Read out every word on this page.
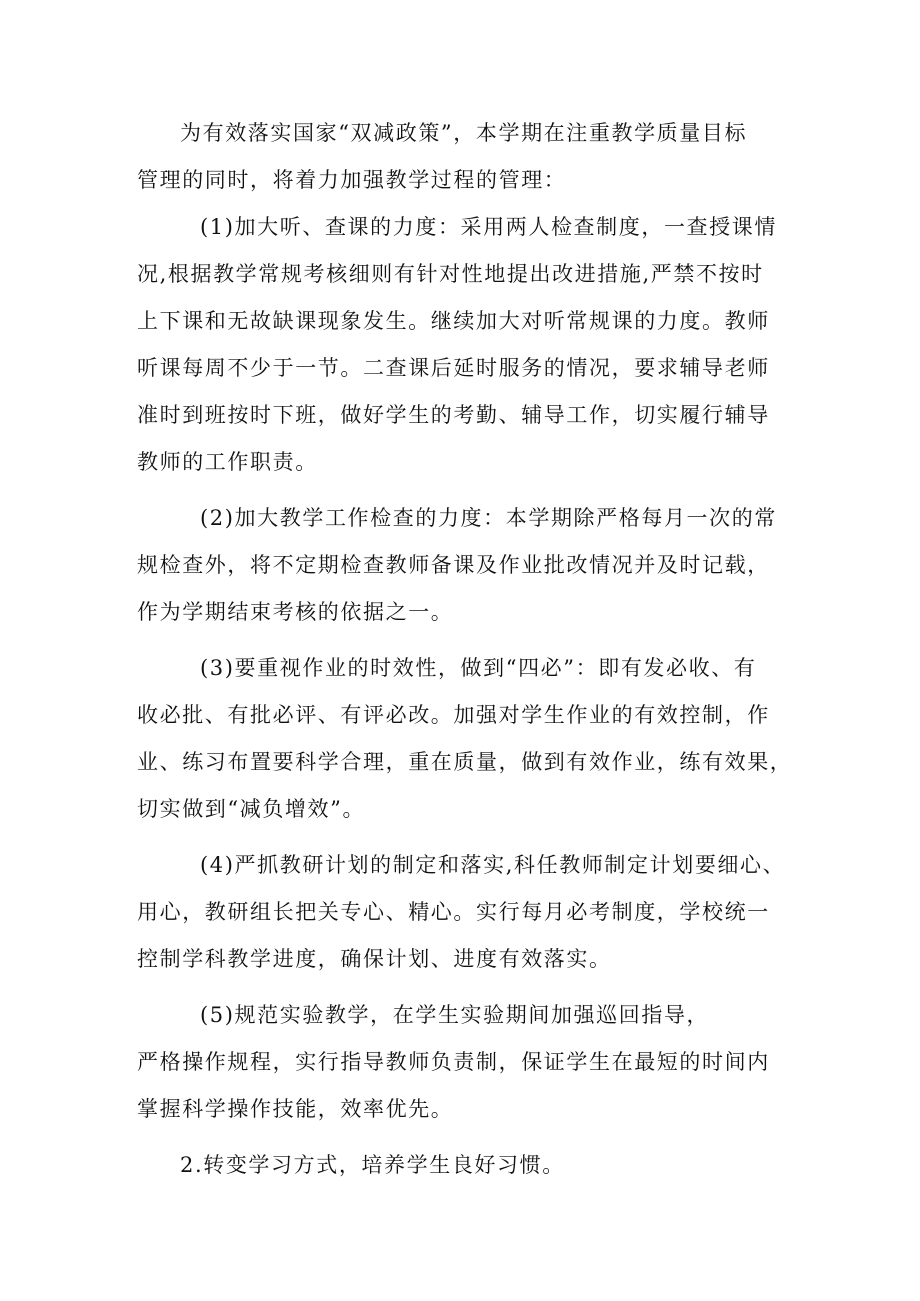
为有效落实国家“双减政策”，本学期在注重教学质量目标

管理的同时，将着力加强教学过程的管理：

(1)加大听、查课的力度：采用两人检查制度，一查授课情

况,根据教学常规考核细则有针对性地提出改进措施,严禁不按时

上下课和无故缺课现象发生。继续加大对听常规课的力度。教师

听课每周不少于一节。二查课后延时服务的情况，要求辅导老师

准时到班按时下班，做好学生的考勤、辅导工作，切实履行辅导

教师的工作职责。

(2)加大教学工作检查的力度：本学期除严格每月一次的常

规检查外，将不定期检查教师备课及作业批改情况并及时记载，

作为学期结束考核的依据之一。

(3)要重视作业的时效性，做到“四必”：即有发必收、有

收必批、有批必评、有评必改。加强对学生作业的有效控制，作

业、练习布置要科学合理，重在质量，做到有效作业，练有效果，

切实做到“减负增效”。

(4)严抓教研计划的制定和落实,科任教师制定计划要细心、

用心，教研组长把关专心、精心。实行每月必考制度，学校统一

控制学科教学进度，确保计划、进度有效落实。

(5)规范实验教学，在学生实验期间加强巡回指导，

严格操作规程，实行指导教师负责制，保证学生在最短的时间内

掌握科学操作技能，效率优先。

2.转变学习方式，培养学生良好习惯。
